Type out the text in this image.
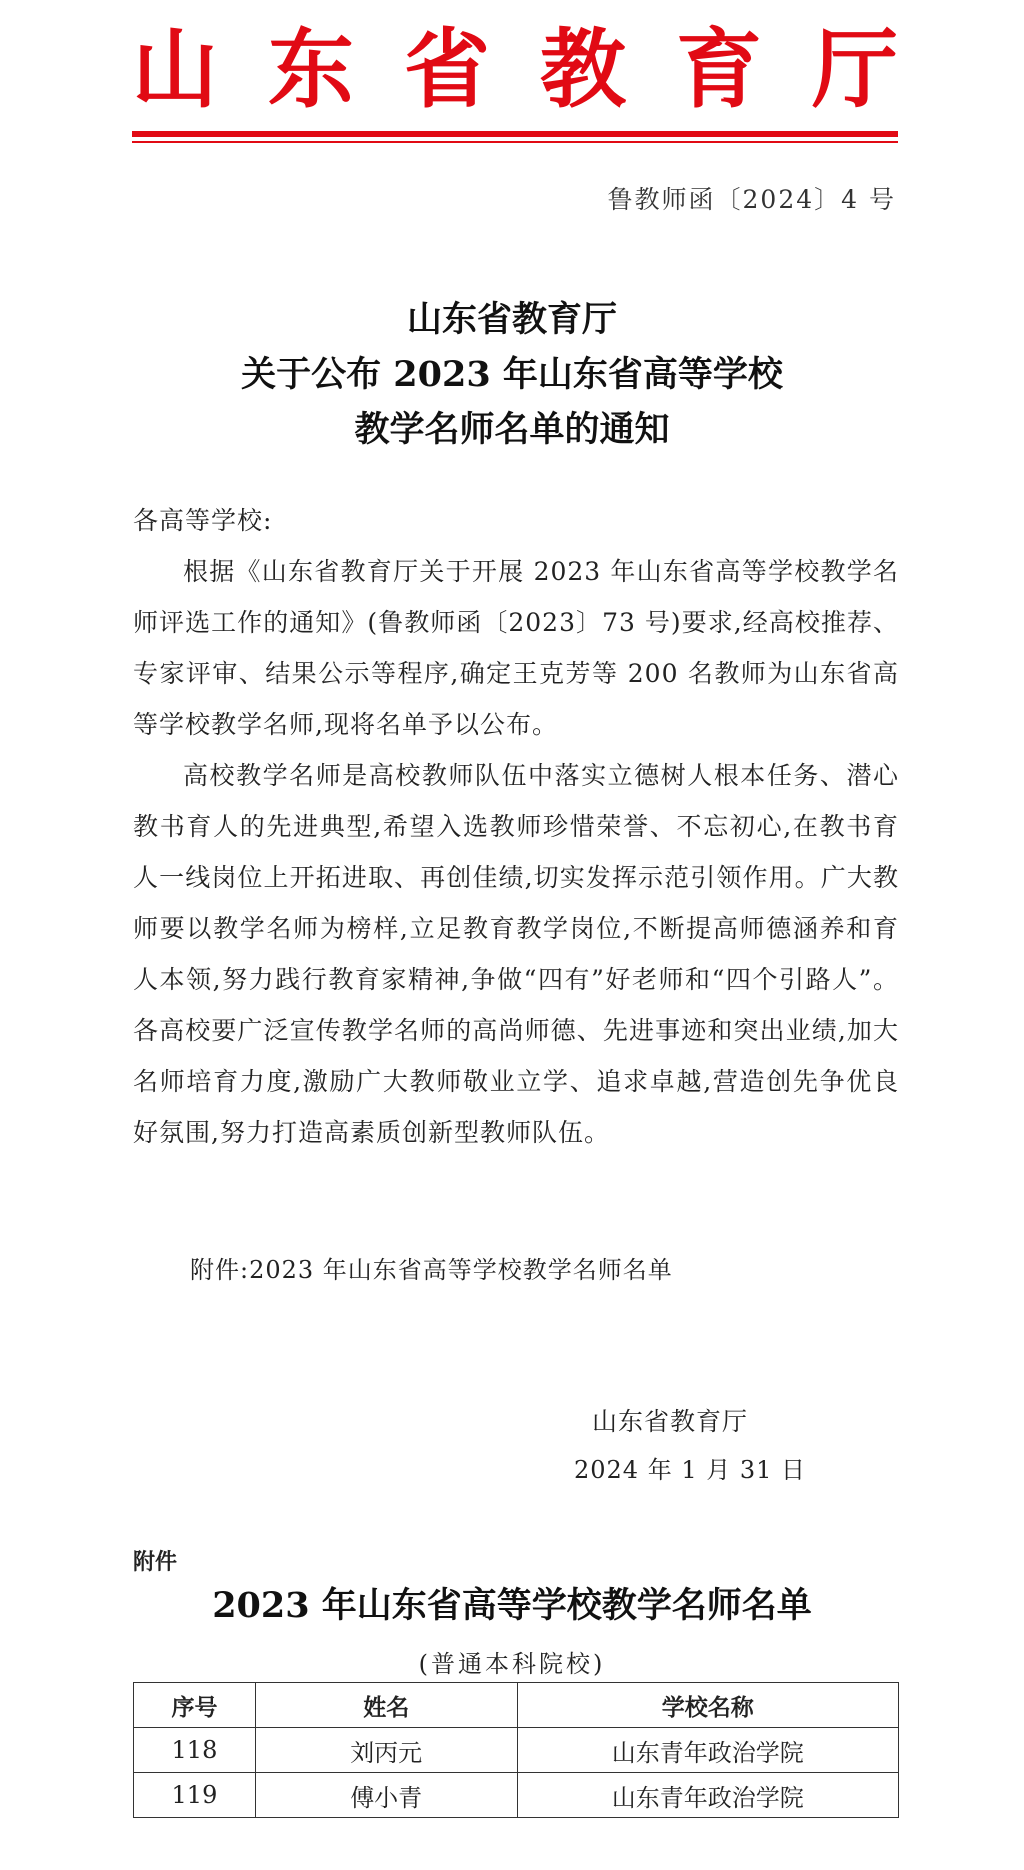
山 东 省 教 育 厅
鲁教师函〔2024〕4 号
山东省教育厅
关于公布 2023 年山东省高等学校
教学名师名单的通知

各高等学校:

根据《山东省教育厅关于开展 2023 年山东省高等学校教学名师评选工作的通知》(鲁教师函〔2023〕73 号)要求,经高校推荐、专家评审、结果公示等程序,确定王克芳等 200 名教师为山东省高等学校教学名师,现将名单予以公布。

高校教学名师是高校教师队伍中落实立德树人根本任务、潜心教书育人的先进典型,希望入选教师珍惜荣誉、不忘初心,在教书育人一线岗位上开拓进取、再创佳绩,切实发挥示范引领作用。广大教师要以教学名师为榜样,立足教育教学岗位,不断提高师德涵养和育人本领,努力践行教育家精神,争做“四有”好老师和“四个引路人”。各高校要广泛宣传教学名师的高尚师德、先进事迹和突出业绩,加大名师培育力度,激励广大教师敬业立学、追求卓越,营造创先争优良好氛围,努力打造高素质创新型教师队伍。

附件:2023 年山东省高等学校教学名师名单
山东省教育厅
2024 年 1 月 31 日
附件
2023 年山东省高等学校教学名师名单
(普通本科院校)
序号	姓名	学校名称
118	刘丙元	山东青年政治学院
119	傅小青	山东青年政治学院
